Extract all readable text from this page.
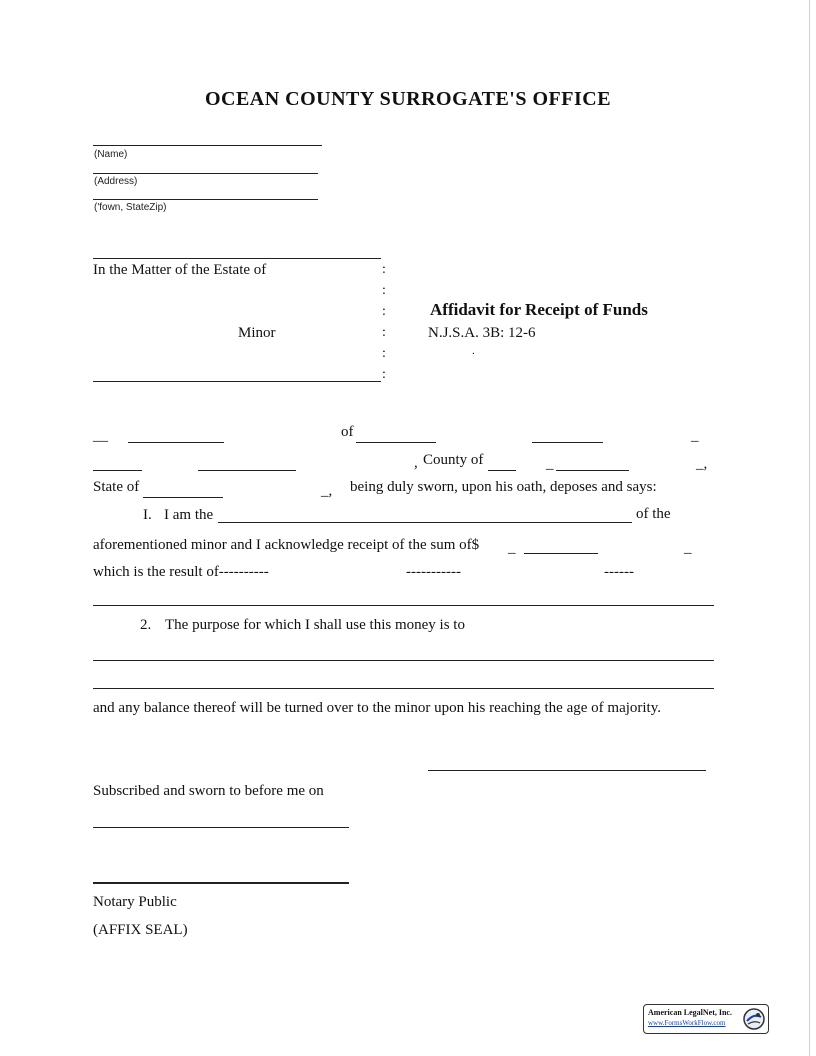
OCEAN COUNTY SURROGATE'S OFFICE
(Name)
(Address)
('fown, StateZip)
In the Matter of the Estate of
Minor
:
:
:
:
:
:
Affidavit for Receipt of Funds
N.J.S.A. 3B: 12-6
.
__	of	_
, County of	_	_,
State of	_, being duly sworn, upon his oath, deposes and says:
I. I am the	of the
aforementioned minor and I acknowledge receipt of the sum of$ _	_
which is the result of----------	-----------	------
2. The purpose for which I shall use this money is to
and any balance thereof will be turned over to the minor upon his reaching the age of majority.
Subscribed and sworn to before me on
Notary Public
(AFFIX SEAL)
American LegalNet, Inc.
www.FormsWorkFlow.com
